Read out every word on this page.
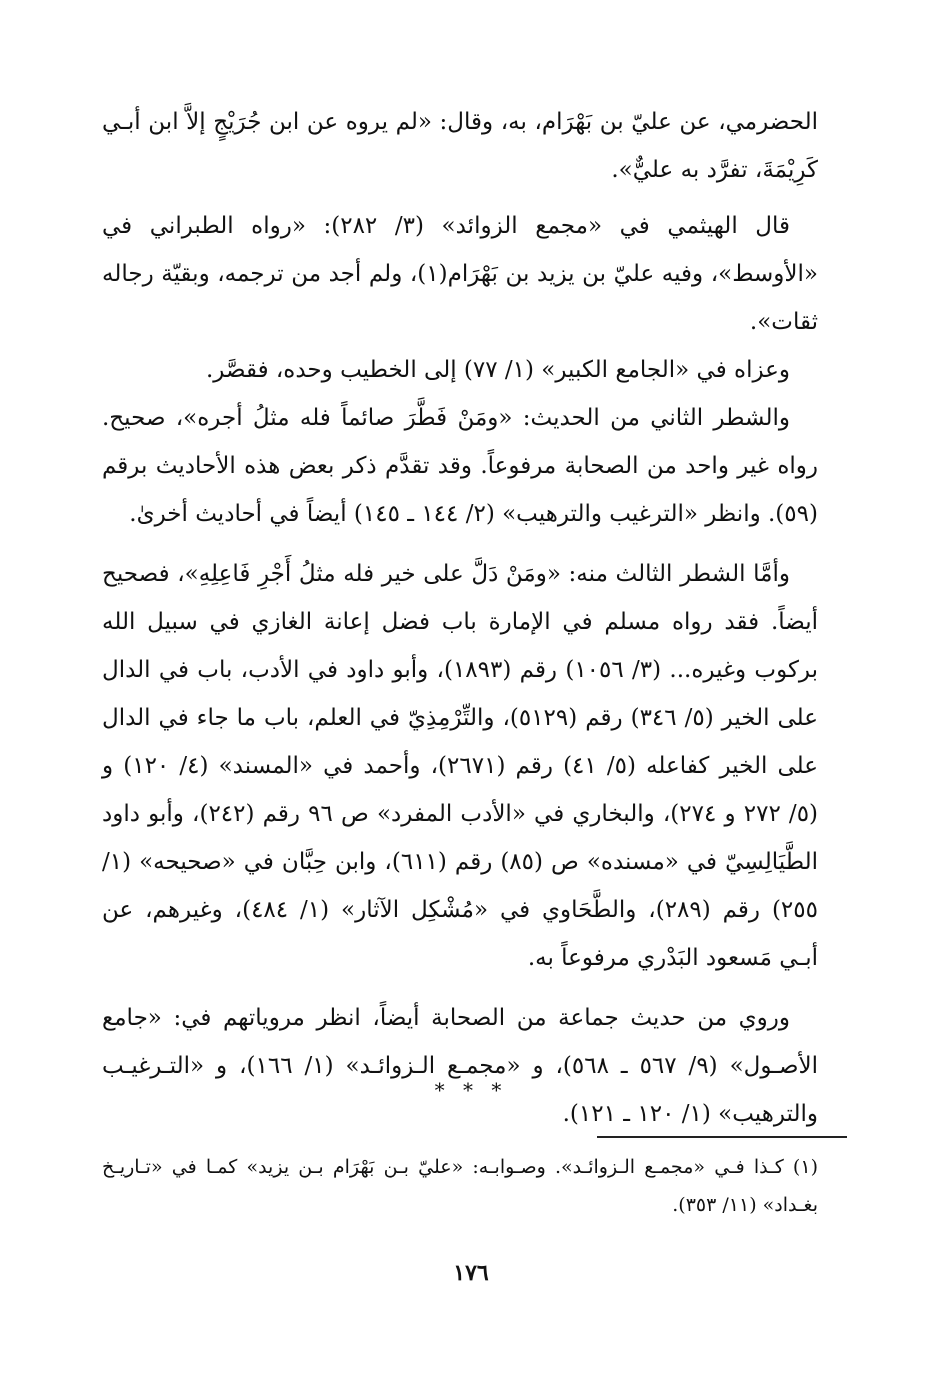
الحضرمي، عن عليّ بن بَهْرَام، به، وقال: «لم يروه عن ابن جُرَيْجٍ إلاَّ ابن أبـي كَرِيْمَةَ، تفرَّد به عليٌّ».

قال الهيثمي في «مجمع الزوائد» (٣/ ٢٨٢): «رواه الطبراني في «الأوسط»، وفيه عليّ بن يزيد بن بَهْرَام(١)، ولم أجد من ترجمه، وبقيّة رجاله ثقات».

وعزاه في «الجامع الكبير» (١/ ٧٧) إلى الخطيب وحده، فقصَّر.

والشطر الثاني من الحديث: «ومَنْ فَطَّرَ صائماً فله مثلُ أجره»، صحيح. رواه غير واحد من الصحابة مرفوعاً. وقد تقدَّم ذكر بعض هذه الأحاديث برقم (٥٩). وانظر «الترغيب والترهيب» (٢/ ١٤٤ ـ ١٤٥) أيضاً في أحاديث أخرىٰ.

وأمَّا الشطر الثالث منه: «ومَنْ دَلَّ على خير فله مثلُ أَجْرِ فَاعِلِهِ»، فصحيح أيضاً. فقد رواه مسلم في الإمارة باب فضل إعانة الغازي في سبيل الله بركوب وغيره... (٣/ ١٠٥٦) رقم (١٨٩٣)، وأبو داود في الأدب، باب في الدال على الخير (٥/ ٣٤٦) رقم (٥١٢٩)، والتِّرْمِذِيّ في العلم، باب ما جاء في الدال على الخير كفاعله (٥/ ٤١) رقم (٢٦٧١)، وأحمد في «المسند» (٤/ ١٢٠) و (٥/ ٢٧٢ و ٢٧٤)، والبخاري في «الأدب المفرد» ص ٩٦ رقم (٢٤٢)، وأبو داود الطَّيَالِسِيّ في «مسنده» ص (٨٥) رقم (٦١١)، وابن حِبَّان في «صحيحه» (١/ ٢٥٥) رقم (٢٨٩)، والطَّحَاوي في «مُشْكِل الآثار» (١/ ٤٨٤)، وغيرهم، عن أبـي مَسعود البَدْري مرفوعاً به.

وروي من حديث جماعة من الصحابة أيضاً، انظر مروياتهم في: «جامع الأصـول» (٩/ ٥٦٧ ـ ٥٦٨)، و «مجمـع الـزوائـد» (١/ ١٦٦)، و «التـرغيـب والترهيب» (١/ ١٢٠ ـ ١٢١).

* * *

(١) كـذا فـي «مجمـع الـزوائـد». وصـوابـه: «عليّ بـن بَهْرَام بـن يزيد» كمـا في «تـاريـخ بغـداد» (١١/ ٣٥٣).

١٧٦
